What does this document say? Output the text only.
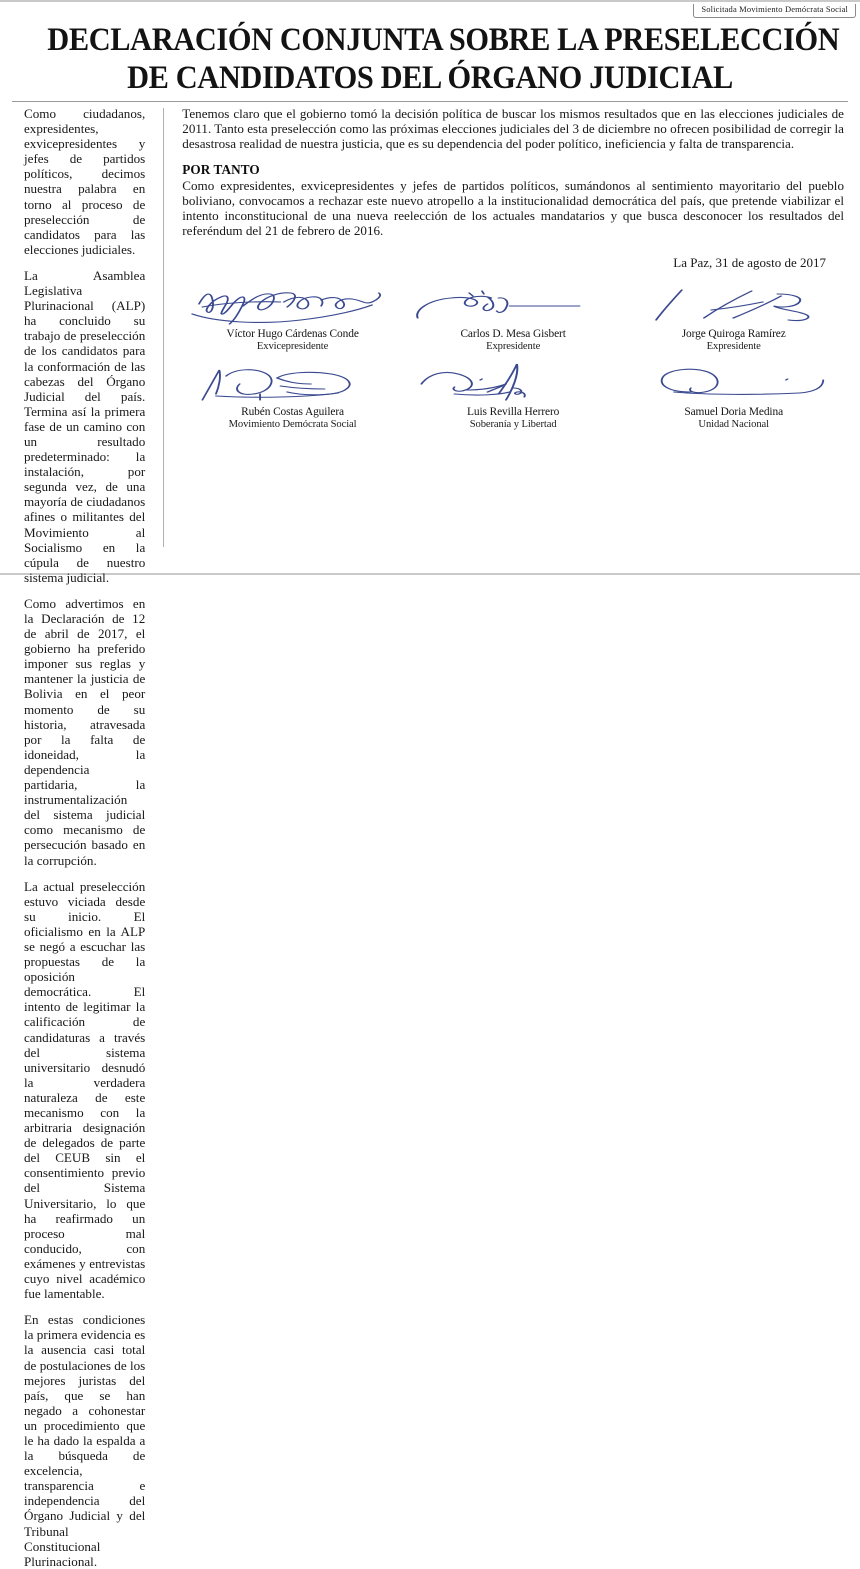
Solicitada Movimiento Demócrata Social
DECLARACIÓN CONJUNTA SOBRE LA PRESELECCIÓN
DE CANDIDATOS DEL ÓRGANO JUDICIAL

Como ciudadanos, expresidentes, exvicepresidentes y jefes de partidos políticos, decimos nuestra palabra en torno al proceso de preselección de candidatos para las elecciones judiciales.

La Asamblea Legislativa Plurinacional (ALP) ha concluido su trabajo de preselección de los candidatos para la conformación de las cabezas del Órgano Judicial del país. Termina así la primera fase de un camino con un resultado predeterminado: la instalación, por segunda vez, de una mayoría de ciudadanos afines o militantes del Movimiento al Socialismo en la cúpula de nuestro sistema judicial.

Como advertimos en la Declaración de 12 de abril de 2017, el gobierno ha preferido imponer sus reglas y mantener la justicia de Bolivia en el peor momento de su historia, atravesada por la falta de idoneidad, la dependencia partidaria, la instrumentalización del sistema judicial como mecanismo de persecución basado en la corrupción.

La actual preselección estuvo viciada desde su inicio. El oficialismo en la ALP se negó a escuchar las propuestas de la oposición democrática. El intento de legitimar la calificación de candidaturas a través del sistema universitario desnudó la verdadera naturaleza de este mecanismo con la arbitraria designación de delegados de parte del CEUB sin el consentimiento previo del Sistema Universitario, lo que ha reafirmado un proceso mal conducido, con exámenes y entrevistas cuyo nivel académico fue lamentable.

En estas condiciones la primera evidencia es la ausencia casi total de postulaciones de los mejores juristas del país, que se han negado a cohonestar un procedimiento que le ha dado la espalda a la búsqueda de excelencia, transparencia e independencia del Órgano Judicial y del Tribunal Constitucional Plurinacional.

Tenemos claro que el gobierno tomó la decisión política de buscar los mismos resultados que en las elecciones judiciales de 2011. Tanto esta preselección como las próximas elecciones judiciales del 3 de diciembre no ofrecen posibilidad de corregir la desastrosa realidad de nuestra justicia, que es su dependencia del poder político, ineficiencia y falta de transparencia.

POR TANTO

Como expresidentes, exvicepresidentes y jefes de partidos políticos, sumándonos al sentimiento mayoritario del pueblo boliviano, convocamos a rechazar este nuevo atropello a la institucionalidad democrática del país, que pretende viabilizar el intento inconstitucional de una nueva reelección de los actuales mandatarios y que busca desconocer los resultados del referéndum del 21 de febrero de 2016.

La Paz, 31 de agosto de 2017

Víctor Hugo Cárdenas Conde
Exvicepresidente
Carlos D. Mesa Gisbert
Expresidente
Jorge Quiroga Ramírez
Expresidente
Rubén Costas Aguilera
Movimiento Demócrata Social
Luis Revilla Herrero
Soberanía y Libertad
Samuel Doria Medina
Unidad Nacional
